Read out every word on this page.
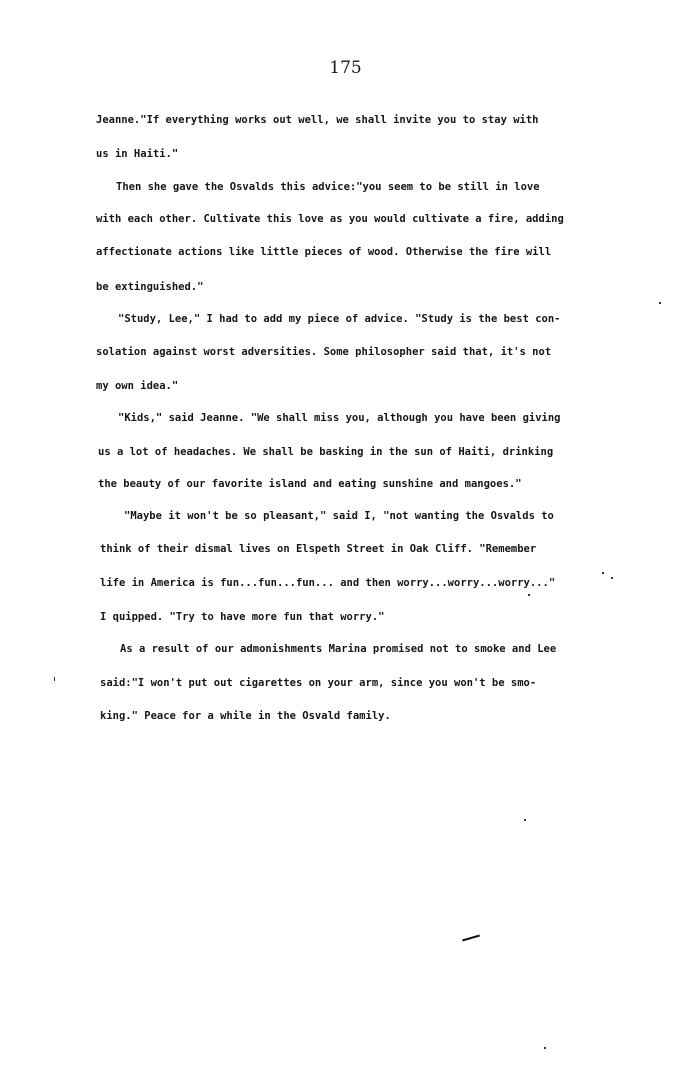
175
Jeanne."If everything works out well, we shall invite you to stay with
us in Haiti."
Then she gave the Osvalds this advice:"you seem to be still in love
with each other. Cultivate this love as you would cultivate a fire, adding
affectionate actions like little pieces of wood. Otherwise the fire will
be extinguished."
"Study, Lee," I had to add my piece of advice. "Study is the best con-
solation against worst adversities. Some philosopher said that, it's not
my own idea."
"Kids," said Jeanne. "We shall miss you, although you have been giving
us a lot of headaches. We shall be basking in the sun of Haiti, drinking
the beauty of our favorite island and eating sunshine and mangoes."
"Maybe it won't be so pleasant," said I, "not wanting the Osvalds to
think of their dismal lives on Elspeth Street in Oak Cliff. "Remember
life in America is fun...fun...fun... and then worry...worry...worry..."
I quipped. "Try to have more fun that worry."
As a result of our admonishments Marina promised not to smoke and Lee
said:"I won't put out cigarettes on your arm, since you won't be smo-
king." Peace for a while in the Osvald family.
